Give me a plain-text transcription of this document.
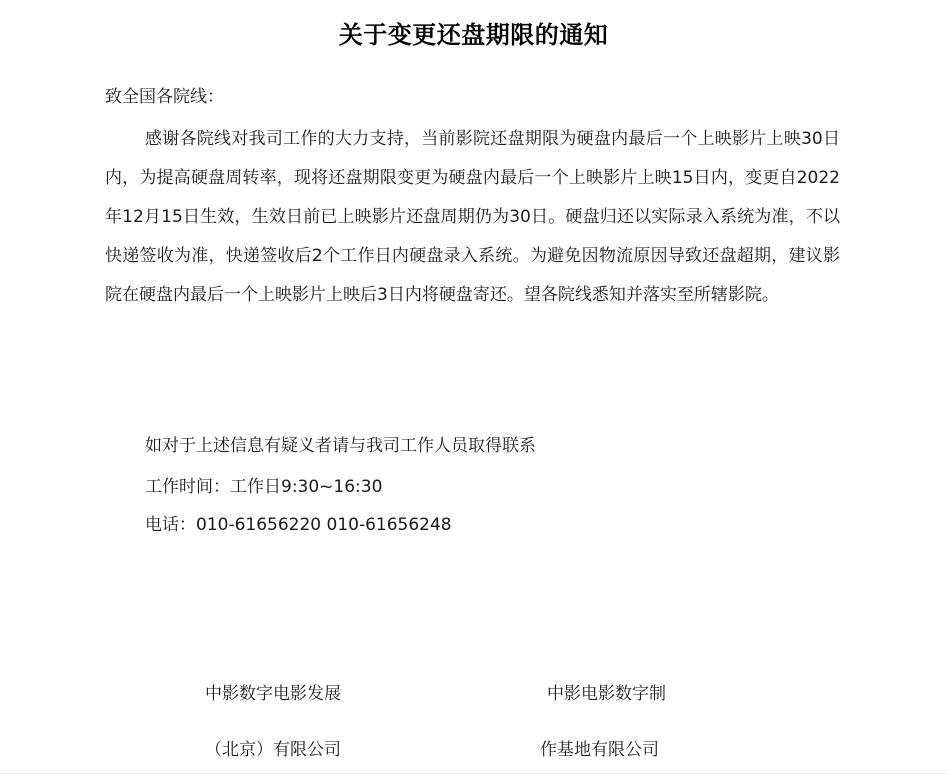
关于变更还盘期限的通知
致全国各院线：

感谢各院线对我司工作的大力支持，当前影院还盘期限为硬盘内最后一个上映影片上映30日内，为提高硬盘周转率，现将还盘期限变更为硬盘内最后一个上映影片上映15日内，变更自2022年12月15日生效，生效日前已上映影片还盘周期仍为30日。硬盘归还以实际录入系统为准，不以快递签收为准，快递签收后2个工作日内硬盘录入系统。为避免因物流原因导致还盘超期，建议影院在硬盘内最后一个上映影片上映后3日内将硬盘寄还。望各院线悉知并落实至所辖影院。

如对于上述信息有疑义者请与我司工作人员取得联系
工作时间：工作日9:30~16:30
电话：010-61656220 010-61656248
中影数字电影发展
（北京）有限公司
中影电影数字制
作基地有限公司
